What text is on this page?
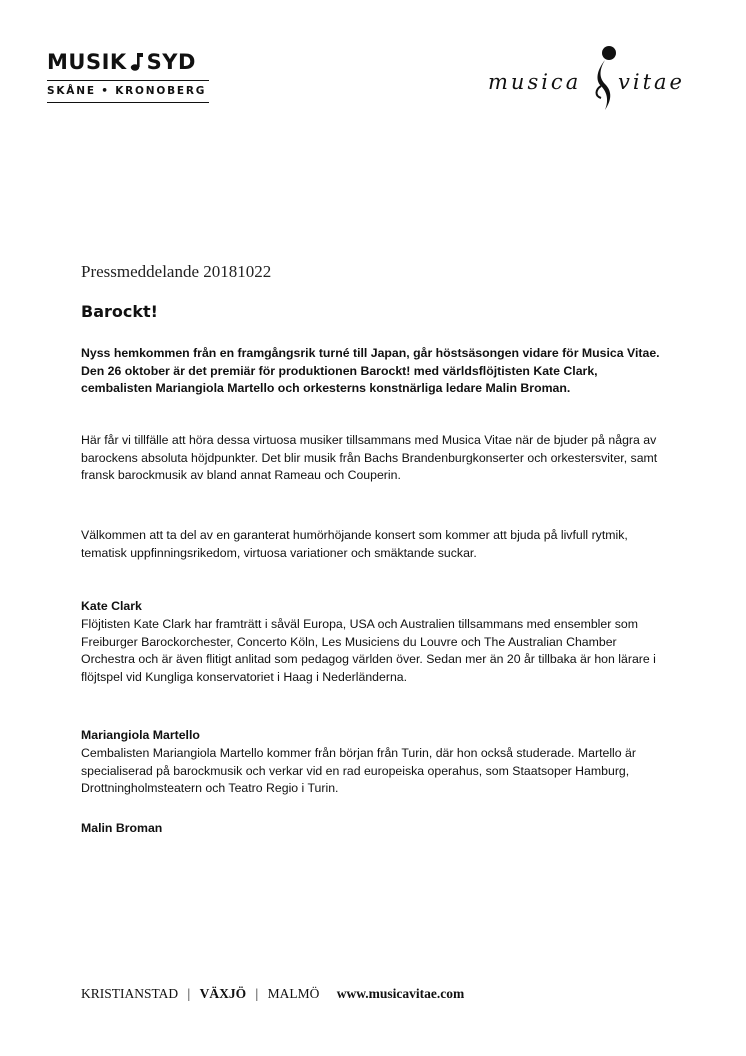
MUSIK SYD
SKÅNE • KRONOBERG	musica vitae
Pressmeddelande 20181022
Barockt!

Nyss hemkommen från en framgångsrik turné till Japan, går höstsäsongen vidare för Musica Vitae. Den 26 oktober är det premiär för produktionen Barockt! med världsflöjtisten Kate Clark, cembalisten Mariangiola Martello och orkesterns konstnärliga ledare Malin Broman.

Här får vi tillfälle att höra dessa virtuosa musiker tillsammans med Musica Vitae när de bjuder på några av barockens absoluta höjdpunkter. Det blir musik från Bachs Brandenburgkonserter och orkestersviter, samt fransk barockmusik av bland annat Rameau och Couperin.

Välkommen att ta del av en garanterat humörhöjande konsert som kommer att bjuda på livfull rytmik, tematisk uppfinningsrikedom, virtuosa variationer och smäktande suckar.

Kate Clark

Flöjtisten Kate Clark har framträtt i såväl Europa, USA och Australien tillsammans med ensembler som Freiburger Barockorchester, Concerto Köln, Les Musiciens du Louvre och The Australian Chamber Orchestra och är även flitigt anlitad som pedagog världen över. Sedan mer än 20 år tillbaka är hon lärare i flöjtspel vid Kungliga konservatoriet i Haag i Nederländerna.

Mariangiola Martello

Cembalisten Mariangiola Martello kommer från början från Turin, där hon också studerade. Martello är specialiserad på barockmusik och verkar vid en rad europeiska operahus, som Staatsoper Hamburg, Drottningholmsteatern och Teatro Regio i Turin.

Malin Broman

KRISTIANSTAD | VÄXJÖ | MALMÖ www.musicavitae.com
